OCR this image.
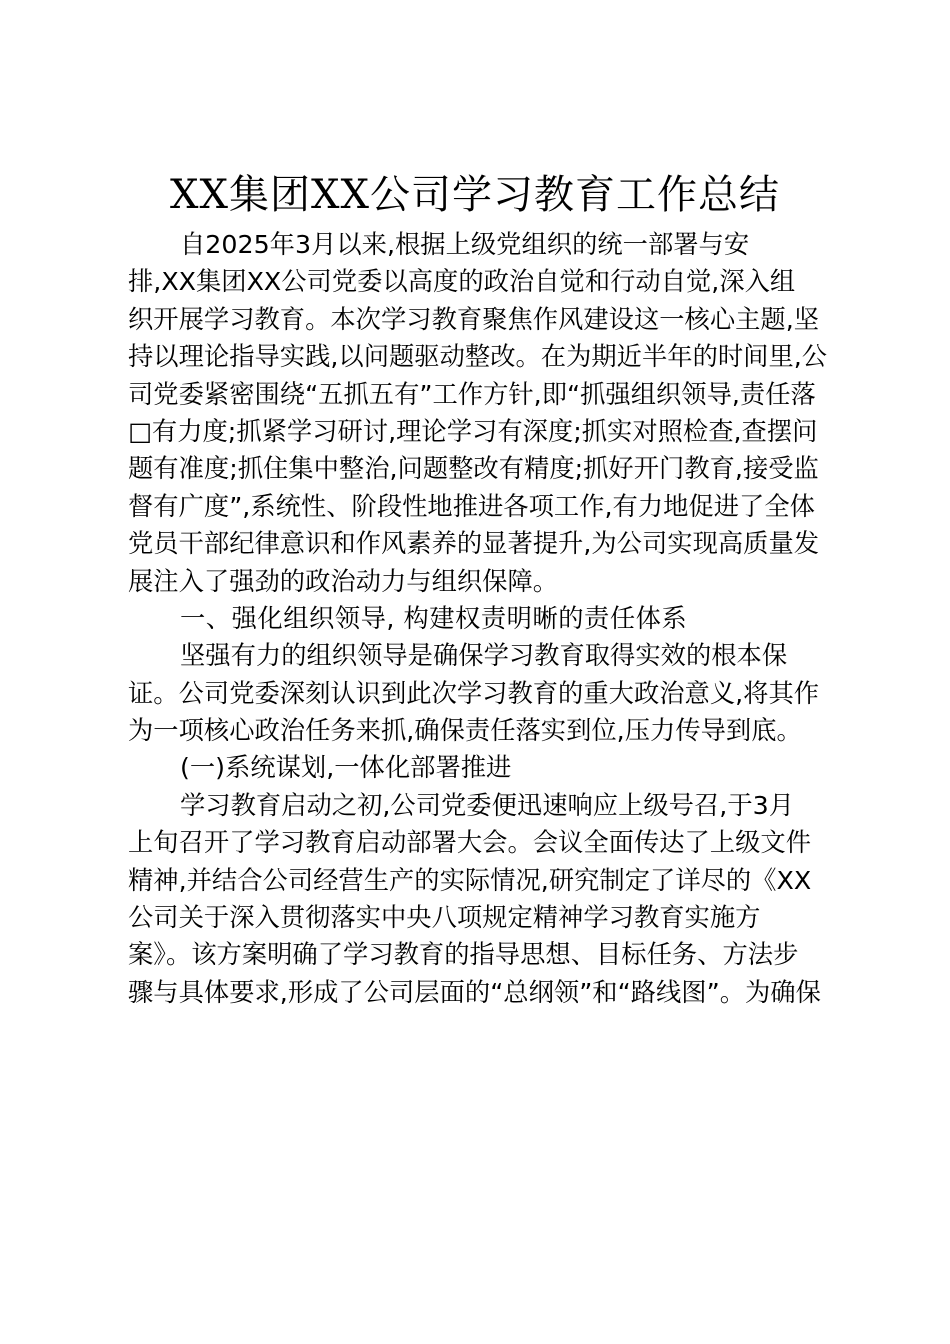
XX集团XX公司学习教育工作总结
自2025年3月以来,根据上级党组织的统一部署与安
排,XX集团XX公司党委以高度的政治自觉和行动自觉,深入组
织开展学习教育。本次学习教育聚焦作风建设这一核心主题,坚
持以理论指导实践,以问题驱动整改。在为期近半年的时间里,公
司党委紧密围绕“五抓五有”工作方针,即“抓强组织领导,责任落
□有力度;抓紧学习研讨,理论学习有深度;抓实对照检查,查摆问
题有准度;抓住集中整治,问题整改有精度;抓好开门教育,接受监
督有广度”,系统性、阶段性地推进各项工作,有力地促进了全体
党员干部纪律意识和作风素养的显著提升,为公司实现高质量发
展注入了强劲的政治动力与组织保障。
一、强化组织领导, 构建权责明晰的责任体系
坚强有力的组织领导是确保学习教育取得实效的根本保
证。公司党委深刻认识到此次学习教育的重大政治意义,将其作
为一项核心政治任务来抓,确保责任落实到位,压力传导到底。
(一)系统谋划,一体化部署推进
学习教育启动之初,公司党委便迅速响应上级号召,于3月
上旬召开了学习教育启动部署大会。会议全面传达了上级文件
精神,并结合公司经营生产的实际情况,研究制定了详尽的《XX
公司关于深入贯彻落实中央八项规定精神学习教育实施方
案》。该方案明确了学习教育的指导思想、目标任务、方法步
骤与具体要求,形成了公司层面的“总纲领”和“路线图”。为确保
